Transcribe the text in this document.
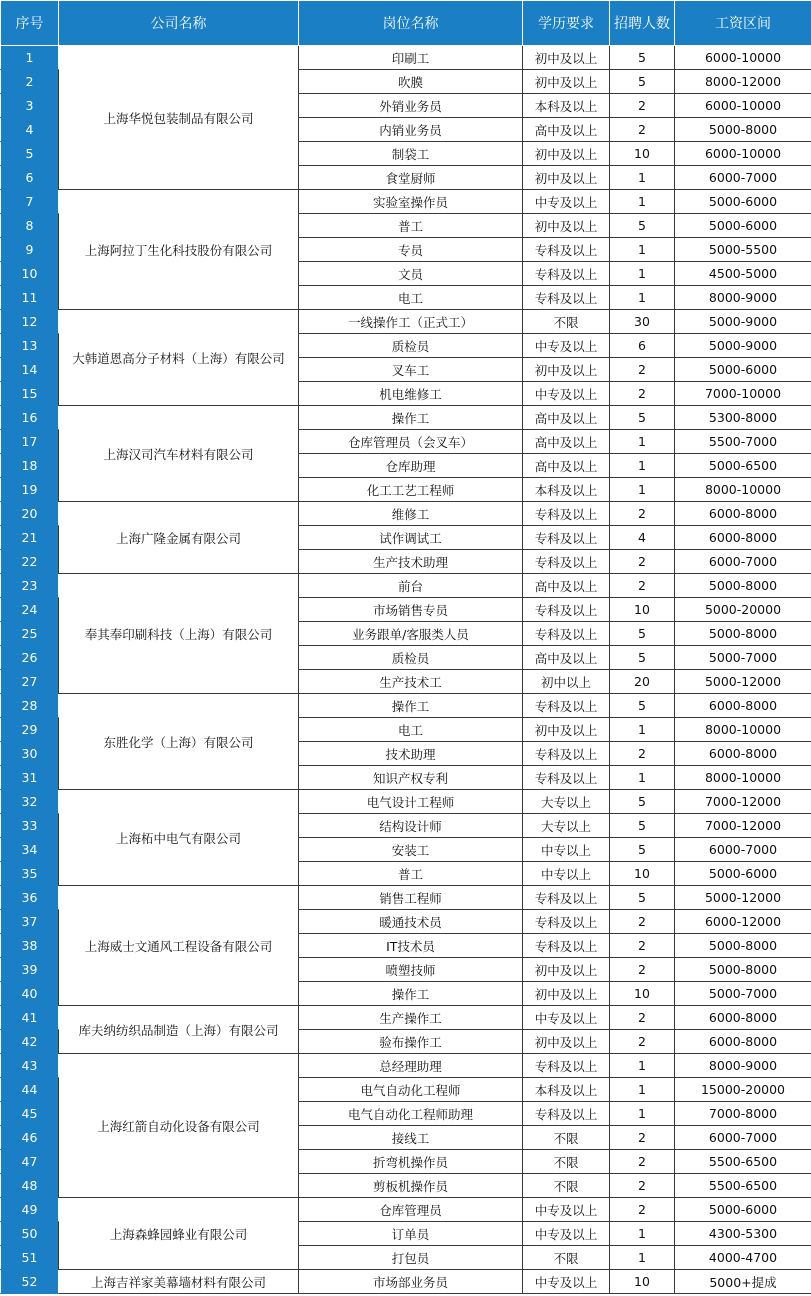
序号	公司名称	岗位名称	学历要求	招聘人数	工资区间
1	上海华悦包装制品有限公司	印刷工	初中及以上	5	6000-10000
2		吹膜	初中及以上	5	8000-12000
3		外销业务员	本科及以上	2	6000-10000
4		内销业务员	高中及以上	2	5000-8000
5		制袋工	初中及以上	10	6000-10000
6		食堂厨师	初中及以上	1	6000-7000
7	上海阿拉丁生化科技股份有限公司	实验室操作员	中专及以上	1	5000-6000
8		普工	初中及以上	5	5000-6000
9		专员	专科及以上	1	5000-5500
10		文员	专科及以上	1	4500-5000
11		电工	专科及以上	1	8000-9000
12	大韩道恩高分子材料（上海）有限公司	一线操作工（正式工）	不限	30	5000-9000
13		质检员	中专及以上	6	5000-9000
14		叉车工	初中及以上	2	5000-6000
15		机电维修工	中专及以上	2	7000-10000
16	上海汉司汽车材料有限公司	操作工	高中及以上	5	5300-8000
17		仓库管理员（会叉车）	高中及以上	1	5500-7000
18		仓库助理	高中及以上	1	5000-6500
19		化工工艺工程师	本科及以上	1	8000-10000
20	上海广隆金属有限公司	维修工	专科及以上	2	6000-8000
21		试作调试工	专科及以上	4	6000-8000
22		生产技术助理	专科及以上	2	6000-7000
23	奉其奉印刷科技（上海）有限公司	前台	高中及以上	2	5000-8000
24		市场销售专员	专科及以上	10	5000-20000
25		业务跟单/客服类人员	专科及以上	5	5000-8000
26		质检员	高中及以上	5	5000-7000
27		生产技术工	初中以上	20	5000-12000
28	东胜化学（上海）有限公司	操作工	专科及以上	5	6000-8000
29		电工	初中及以上	1	8000-10000
30		技术助理	专科及以上	2	6000-8000
31		知识产权专利	专科及以上	1	8000-10000
32	上海柘中电气有限公司	电气设计工程师	大专以上	5	7000-12000
33		结构设计师	大专以上	5	7000-12000
34		安装工	中专以上	5	6000-7000
35		普工	中专以上	10	5000-6000
36	上海威士文通风工程设备有限公司	销售工程师	专科及以上	5	5000-12000
37		暖通技术员	专科及以上	2	6000-12000
38		IT技术员	专科及以上	2	5000-8000
39		喷塑技师	初中及以上	2	5000-8000
40		操作工	初中及以上	10	5000-7000
41	库夫纳纺织品制造（上海）有限公司	生产操作工	中专及以上	2	6000-8000
42		验布操作工	初中及以上	2	6000-8000
43	上海红箭自动化设备有限公司	总经理助理	专科及以上	1	8000-9000
44		电气自动化工程师	本科及以上	1	15000-20000
45		电气自动化工程师助理	专科及以上	1	7000-8000
46		接线工	不限	2	6000-7000
47		折弯机操作员	不限	2	5500-6500
48		剪板机操作员	不限	2	5500-6500
49	上海森蜂园蜂业有限公司	仓库管理员	中专及以上	2	5000-6000
50		订单员	中专及以上	1	4300-5300
51		打包员	不限	1	4000-4700
52	上海吉祥家美幕墙材料有限公司	市场部业务员	中专及以上	10	5000+提成
